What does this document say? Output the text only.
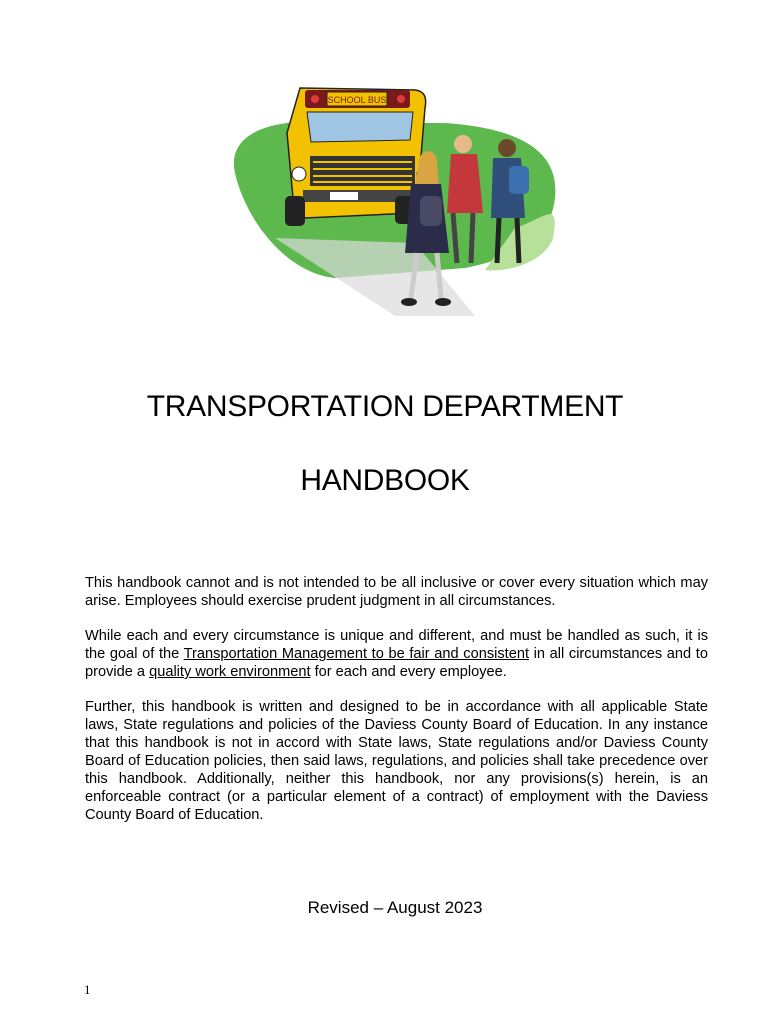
SCHOOL BUS
TRANSPORTATION DEPARTMENT
HANDBOOK

This handbook cannot and is not intended to be all inclusive or cover every situation which may arise. Employees should exercise prudent judgment in all circumstances.

While each and every circumstance is unique and different, and must be handled as such, it is the goal of the Transportation Management to be fair and consistent in all circumstances and to provide a quality work environment for each and every employee.

Further, this handbook is written and designed to be in accordance with all applicable State laws, State regulations and policies of the Daviess County Board of Education. In any instance that this handbook is not in accord with State laws, State regulations and/or Daviess County Board of Education policies, then said laws, regulations, and policies shall take precedence over this handbook. Additionally, neither this handbook, nor any provisions(s) herein, is an enforceable contract (or a particular element of a contract) of employment with the Daviess County Board of Education.

Revised – August 2023

1
